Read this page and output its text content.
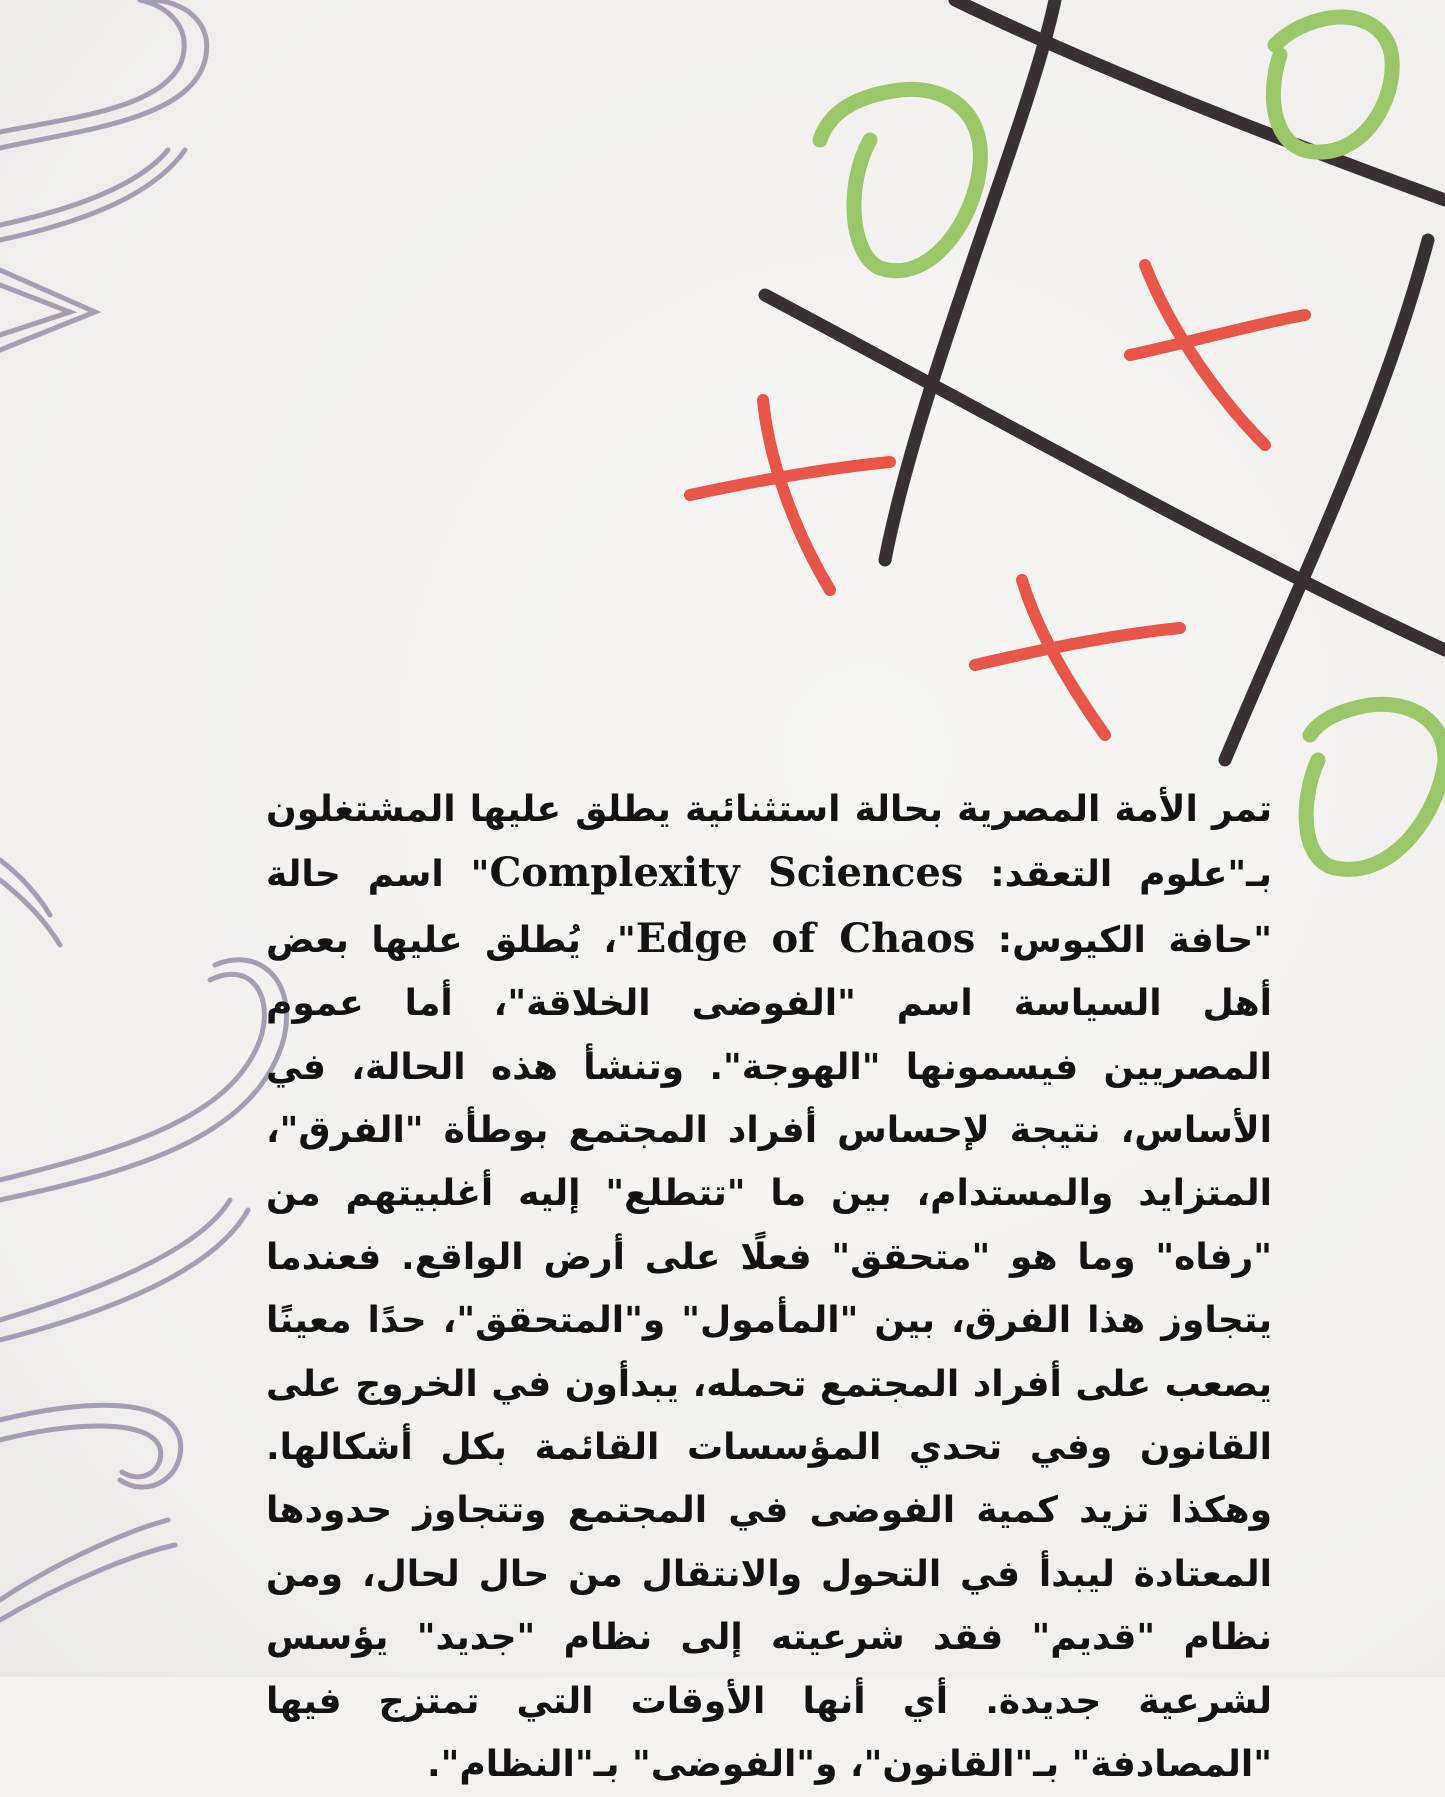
تمر الأمة المصرية بحالة استثنائية يطلق عليها المشتغلون بـ"علوم التعقد: Complexity Sciences" اسم حالة "حافة الكيوس: Edge of Chaos"، يُطلق عليها بعض أهل السياسة اسم "الفوضى الخلاقة"، أما عموم المصريين فيسمونها "الهوجة". وتنشأ هذه الحالة، في الأساس، نتيجة لإحساس أفراد المجتمع بوطأة "الفرق"، المتزايد والمستدام، بين ما "تتطلع" إليه أغلبيتهم من "رفاه" وما هو "متحقق" فعلًا على أرض الواقع. فعندما يتجاوز هذا الفرق، بين "المأمول" و"المتحقق"، حدًا معينًا يصعب على أفراد المجتمع تحمله، يبدأون في الخروج على القانون وفي تحدي المؤسسات القائمة بكل أشكالها. وهكذا تزيد كمية الفوضى في المجتمع وتتجاوز حدودها المعتادة ليبدأ في التحول والانتقال من حال لحال، ومن نظام "قديم" فقد شرعيته إلى نظام "جديد" يؤسس لشرعية جديدة. أي أنها الأوقات التي تمتزج فيها "المصادفة" بـ"القانون"، و"الفوضى" بـ"النظام".
